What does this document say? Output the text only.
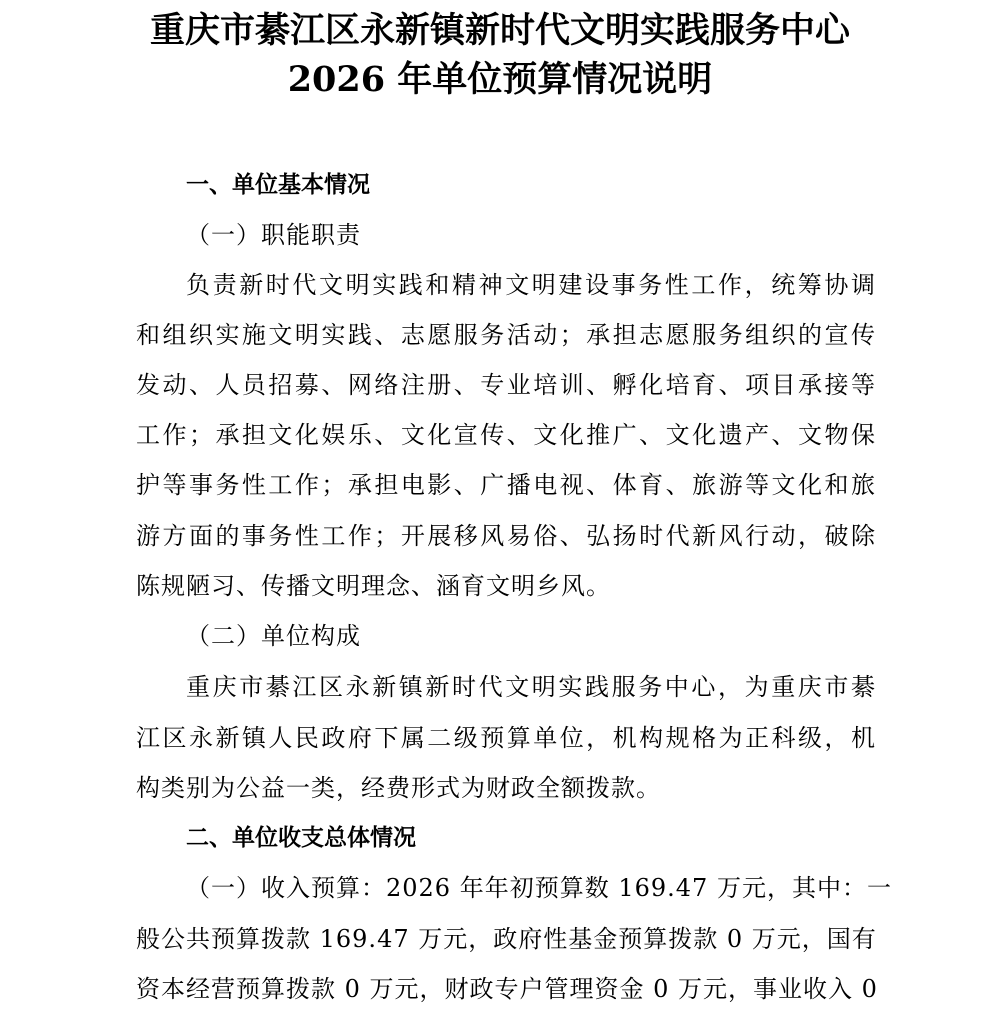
重庆市綦江区永新镇新时代文明实践服务中心
2026 年单位预算情况说明
一、单位基本情况
（一）职能职责
负责新时代文明实践和精神文明建设事务性工作，统筹协调
和组织实施文明实践、志愿服务活动；承担志愿服务组织的宣传
发动、人员招募、网络注册、专业培训、孵化培育、项目承接等
工作；承担文化娱乐、文化宣传、文化推广、文化遗产、文物保
护等事务性工作；承担电影、广播电视、体育、旅游等文化和旅
游方面的事务性工作；开展移风易俗、弘扬时代新风行动，破除
陈规陋习、传播文明理念、涵育文明乡风。
（二）单位构成
重庆市綦江区永新镇新时代文明实践服务中心，为重庆市綦
江区永新镇人民政府下属二级预算单位，机构规格为正科级，机
构类别为公益一类，经费形式为财政全额拨款。
二、单位收支总体情况
（一）收入预算：2026 年年初预算数 169.47 万元，其中：一
般公共预算拨款 169.47 万元，政府性基金预算拨款 0 万元，国有
资本经营预算拨款 0 万元，财政专户管理资金 0 万元，事业收入 0
